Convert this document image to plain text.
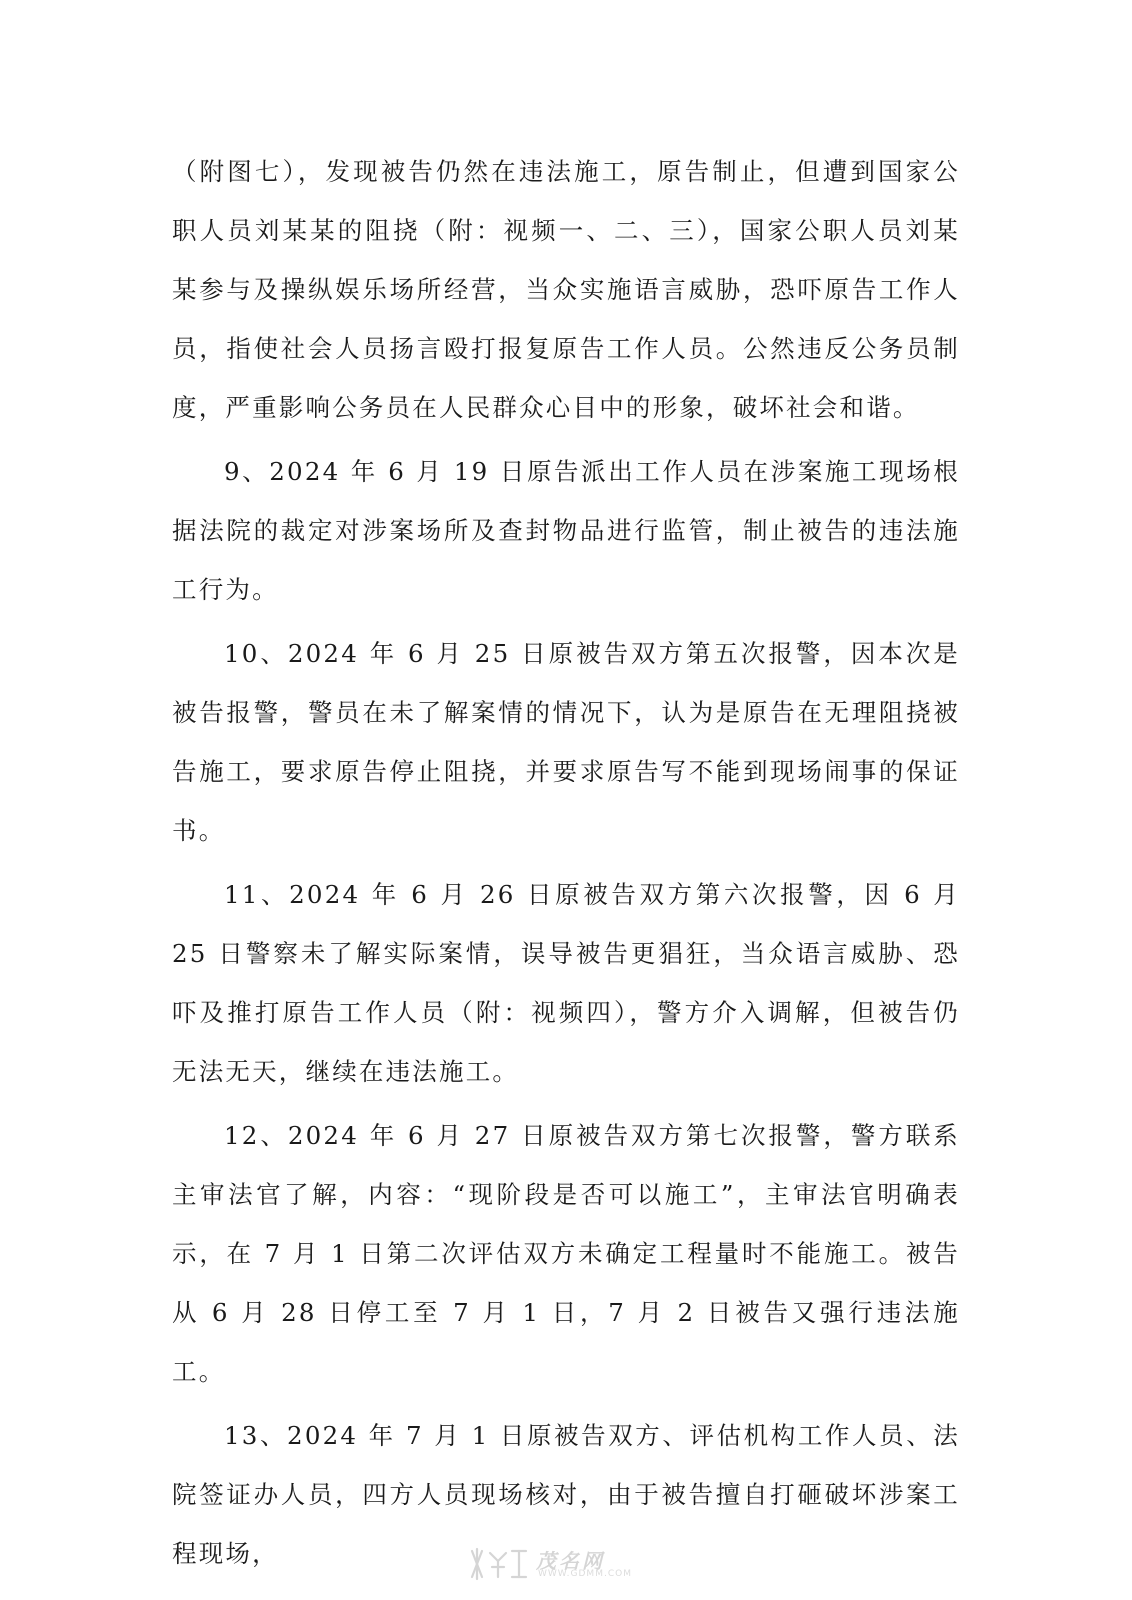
（附图七），发现被告仍然在违法施工，原告制止，但遭到国家公职人员刘某某的阻挠（附：视频一、二、三），国家公职人员刘某某参与及操纵娱乐场所经营，当众实施语言威胁，恐吓原告工作人员，指使社会人员扬言殴打报复原告工作人员。公然违反公务员制度，严重影响公务员在人民群众心目中的形象，破坏社会和谐。

9、2024 年 6 月 19 日原告派出工作人员在涉案施工现场根据法院的裁定对涉案场所及查封物品进行监管，制止被告的违法施工行为。

10、2024 年 6 月 25 日原被告双方第五次报警，因本次是被告报警，警员在未了解案情的情况下，认为是原告在无理阻挠被告施工，要求原告停止阻挠，并要求原告写不能到现场闹事的保证书。

11、2024 年 6 月 26 日原被告双方第六次报警，因 6 月 25 日警察未了解实际案情，误导被告更猖狂，当众语言威胁、恐吓及推打原告工作人员（附：视频四），警方介入调解，但被告仍无法无天，继续在违法施工。

12、2024 年 6 月 27 日原被告双方第七次报警，警方联系主审法官了解，内容：“现阶段是否可以施工”，主审法官明确表示，在 7 月 1 日第二次评估双方未确定工程量时不能施工。被告从 6 月 28 日停工至 7 月 1 日，7 月 2 日被告又强行违法施工。

13、2024 年 7 月 1 日原被告双方、评估机构工作人员、法院签证办人员，四方人员现场核对，由于被告擅自打砸破坏涉案工程现场，	茂名网
WWW.GDMM.COM
